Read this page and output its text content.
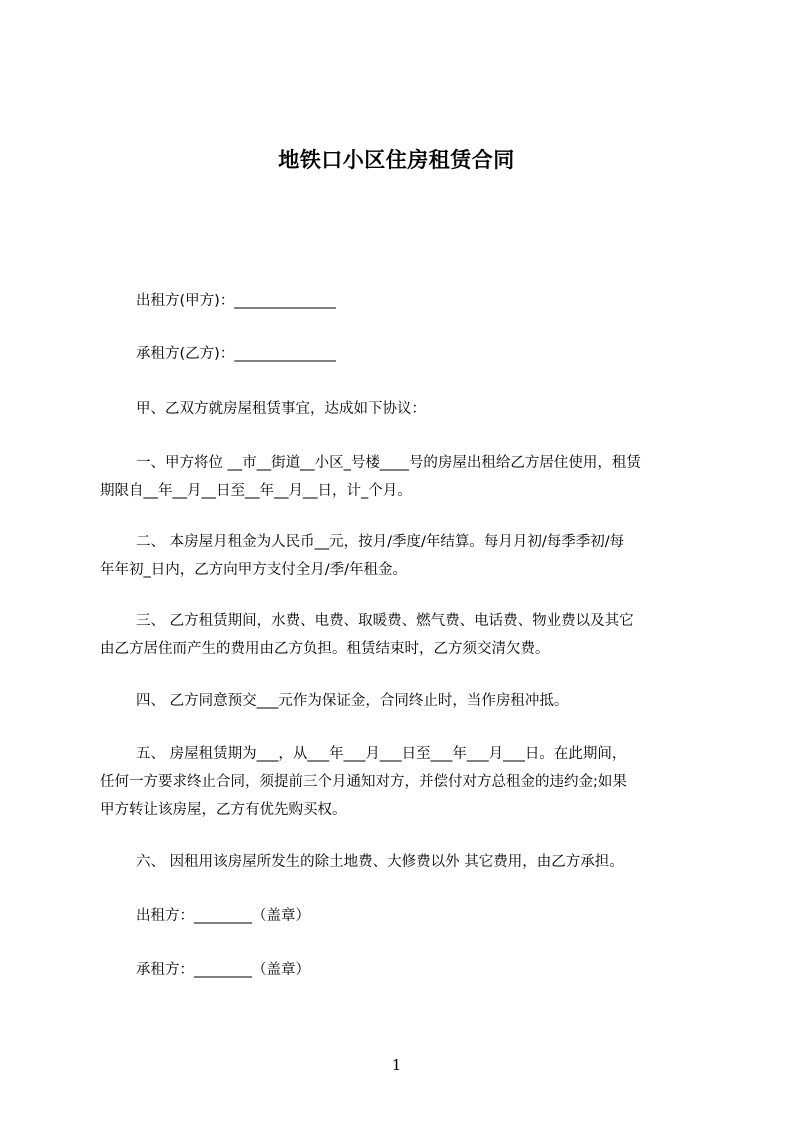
地铁口小区住房租赁合同
出租方(甲方)：______________
承租方(乙方)：______________
甲、乙双方就房屋租赁事宜，达成如下协议：
一、甲方将位 __市__街道__小区_号楼____号的房屋出租给乙方居住使用，租赁
期限自__年__月__日至__年__月__日，计_个月。
二、 本房屋月租金为人民币__元，按月/季度/年结算。每月月初/每季季初/每
年年初_日内，乙方向甲方支付全月/季/年租金。
三、 乙方租赁期间，水费、电费、取暖费、燃气费、电话费、物业费以及其它
由乙方居住而产生的费用由乙方负担。租赁结束时，乙方须交清欠费。
四、 乙方同意预交___元作为保证金，合同终止时，当作房租冲抵。
五、 房屋租赁期为___，从___年___月___日至___年___月___日。在此期间，
任何一方要求终止合同，须提前三个月通知对方，并偿付对方总租金的违约金;如果
甲方转让该房屋，乙方有优先购买权。
六、 因租用该房屋所发生的除土地费、大修费以外 其它费用，由乙方承担。
出租方：________（盖章）
承租方：________（盖章）
1
